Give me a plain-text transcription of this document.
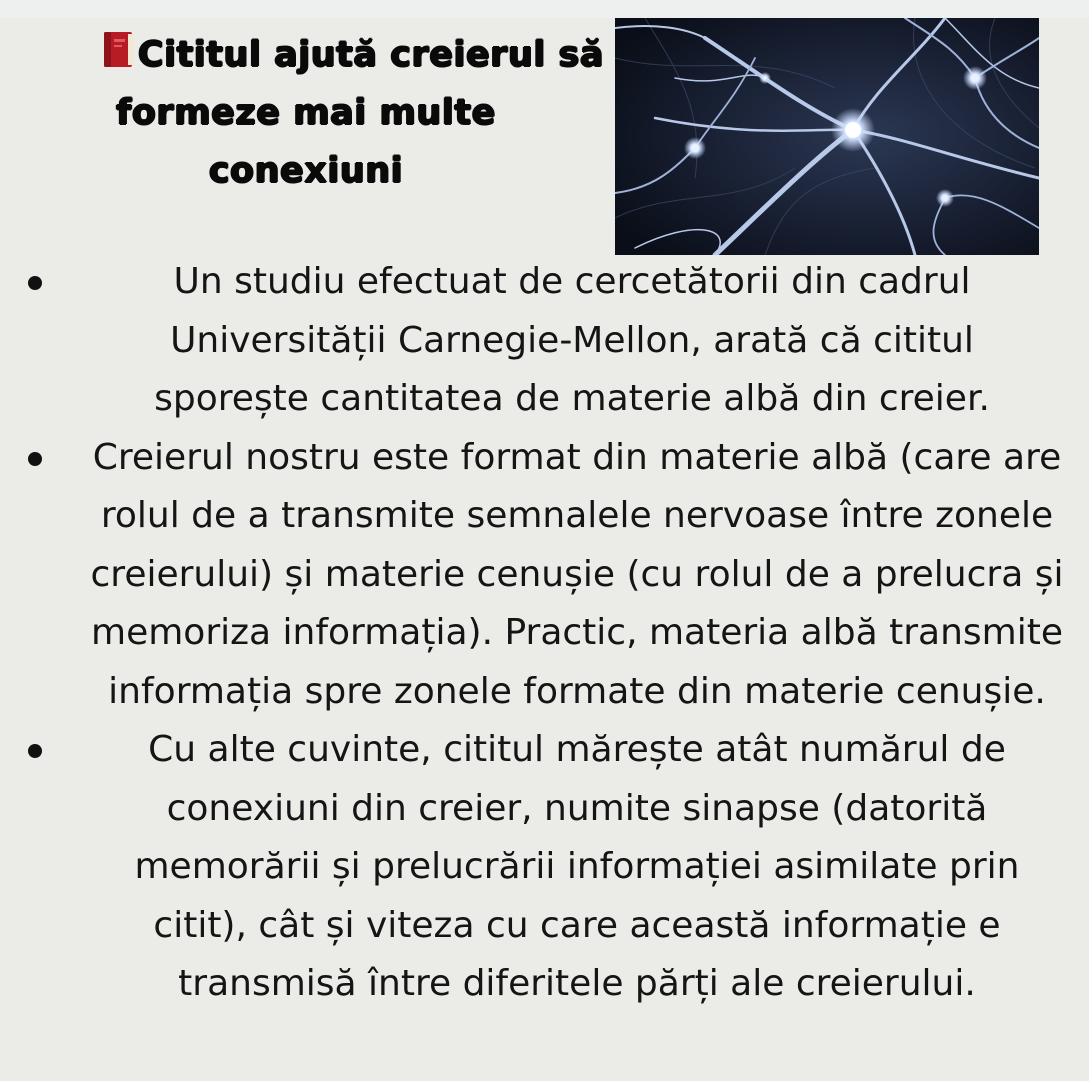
Cititul ajută creierul să
formeze mai multe
conexiuni
Un studiu efectuat de cercetătorii din cadrul Universității Carnegie-Mellon, arată că cititul sporește cantitatea de materie albă din creier.
Creierul nostru este format din materie albă (care are rolul de a transmite semnalele nervoase între zonele creierului) și materie cenușie (cu rolul de a prelucra și memoriza informația). Practic, materia albă transmite informația spre zonele formate din materie cenușie.
Cu alte cuvinte, cititul mărește atât numărul de conexiuni din creier, numite sinapse (datorită memorării și prelucrării informației asimilate prin citit), cât și viteza cu care această informație e transmisă între diferitele părți ale creierului.
